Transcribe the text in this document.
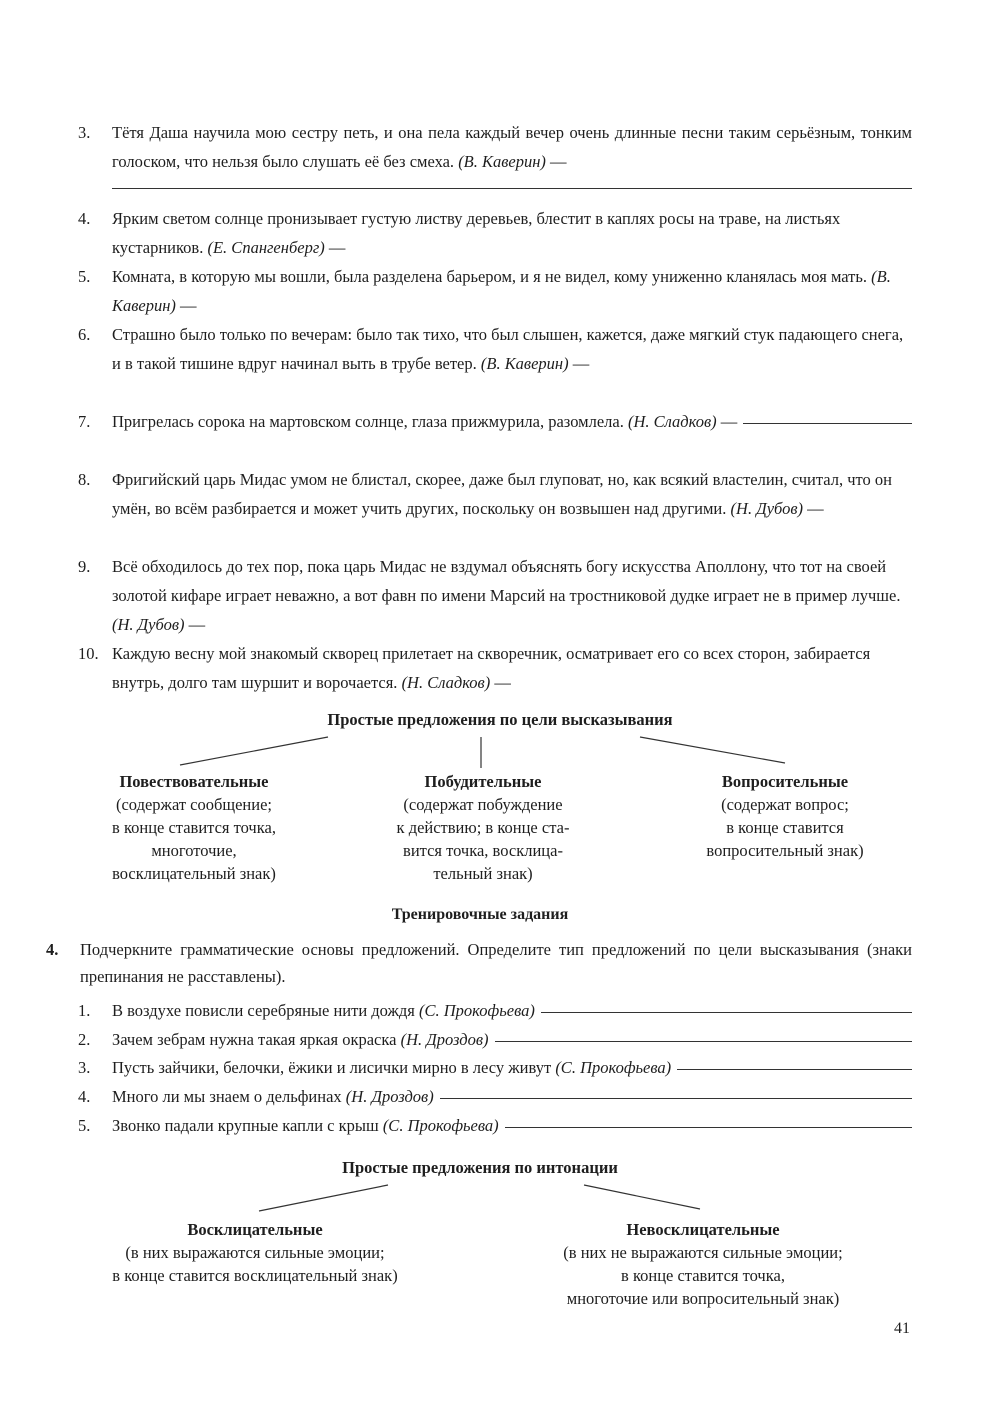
3.	Тётя Даша научила мою сестру петь, и она пела каждый вечер очень длинные песни таким серьёзным, тонким голоском, что нельзя было слушать её без смеха. (В. Каверин) —
4.	Ярким светом солнце пронизывает густую листву деревьев, блестит в каплях росы на траве, на листьях кустарников. (Е. Спангенберг) —
5.	Комната, в которую мы вошли, была разделена барьером, и я не видел, кому униженно кланялась моя мать. (В. Каверин) —
6.	Страшно было только по вечерам: было так тихо, что был слышен, кажется, даже мягкий стук падающего снега, и в такой тишине вдруг начинал выть в трубе ветер. (В. Каверин) —
7.	Пригрелась сорока на мартовском солнце, глаза прижмурила, разомлела. (Н. Сладков) —
8.	Фригийский царь Мидас умом не блистал, скорее, даже был глуповат, но, как всякий властелин, считал, что он умён, во всём разбирается и может учить других, поскольку он возвышен над другими. (Н. Дубов) —
9.	Всё обходилось до тех пор, пока царь Мидас не вздумал объяснять богу искусства Аполлону, что тот на своей золотой кифаре играет неважно, а вот фавн по имени Марсий на тростниковой дудке играет не в пример лучше. (Н. Дубов) —
10. Каждую весну мой знакомый скворец прилетает на скворечник, осматривает его со всех сторон, забирается внутрь, долго там шуршит и ворочается. (Н. Сладков) —
Простые предложения по цели высказывания
Повествовательные
(содержат сообщение;
в конце ставится точка,
многоточие,
восклицательный знак)
Побудительные
(содержат побуждение
к действию; в конце ста-
вится точка, восклица-
тельный знак)
Вопросительные
(содержат вопрос;
в конце ставится
вопросительный знак)
Тренировочные задания
4. Подчеркните грамматические основы предложений. Определите тип предложений по цели высказывания (знаки препинания не расставлены).
1.	В воздухе повисли серебряные нити дождя (С. Прокофьева)
2.	Зачем зебрам нужна такая яркая окраска (Н. Дроздов)
3.	Пусть зайчики, белочки, ёжики и лисички мирно в лесу живут (С. Прокофьева)
4.	Много ли мы знаем о дельфинах (Н. Дроздов)
5.	Звонко падали крупные капли с крыш (С. Прокофьева)
Простые предложения по интонации
Восклицательные
(в них выражаются сильные эмоции;
в конце ставится восклицательный знак)
Невосклицательные
(в них не выражаются сильные эмоции;
в конце ставится точка,
многоточие или вопросительный знак)
41
